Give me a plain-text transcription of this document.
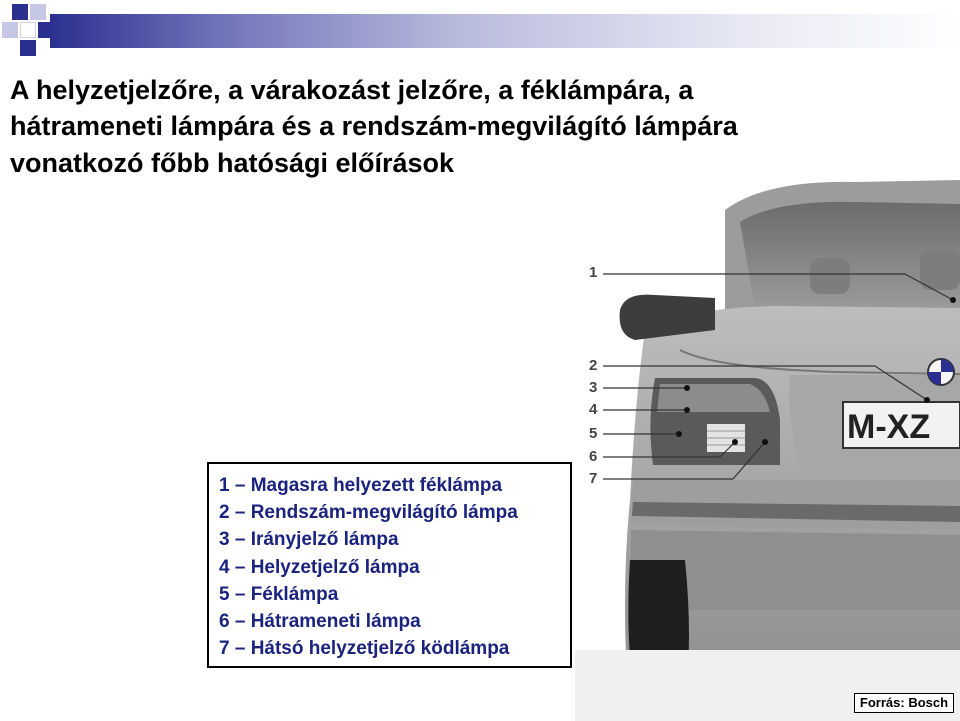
A helyzetjelzőre, a várakozást jelzőre, a féklámpára, a
hátrameneti lámpára és a rendszám-megvilágító lámpára
vonatkozó főbb hatósági előírások
M-XZ
1
2
3
4
5
6
7
Forrás: Bosch
1 – Magasra helyezett féklámpa
2 – Rendszám-megvilágító lámpa
3 – Irányjelző lámpa
4 – Helyzetjelző lámpa
5 – Féklámpa
6 – Hátrameneti lámpa
7 – Hátsó helyzetjelző ködlámpa
